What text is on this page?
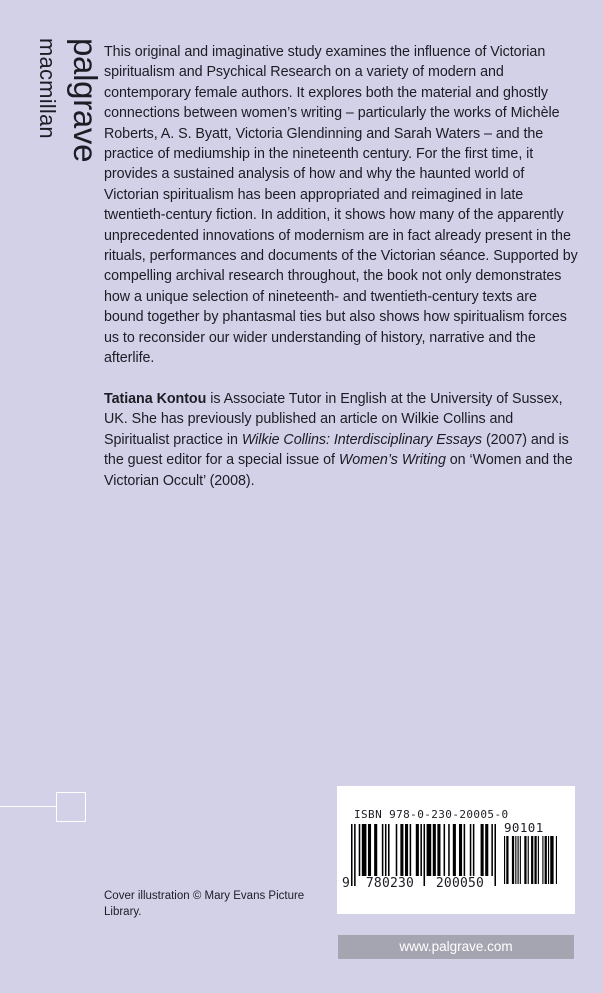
palgrave
macmillan	This original and imaginative study examines the influence of Victorian spiritualism and Psychical Research on a variety of modern and contemporary female authors. It explores both the material and ghostly connections between women’s writing – particularly the works of Michèle Roberts, A. S. Byatt, Victoria Glendinning and Sarah Waters – and the practice of mediumship in the nineteenth century. For the first time, it provides a sustained analysis of how and why the haunted world of Victorian spiritualism has been appropriated and reimagined in late twentieth-century fiction. In addition, it shows how many of the apparently unprecedented innovations of modernism are in fact already present in the rituals, performances and documents of the Victorian séance. Supported by compelling archival research throughout, the book not only demonstrates how a unique selection of nineteenth- and twentieth-century texts are bound together by phantasmal ties but also shows how spiritualism forces us to reconsider our wider understanding of history, narrative and the afterlife.

Tatiana Kontou is Associate Tutor in English at the University of Sussex, UK. She has previously published an article on Wilkie Collins and Spiritualist practice in Wilkie Collins: Interdisciplinary Essays (2007) and is the guest editor for a special issue of Women’s Writing on ‘Women and the Victorian Occult’ (2008).

Cover illustration © Mary Evans Picture Library.
ISBN 978-0-230-20005-0
90101
9	780230	200050
www.palgrave.com
